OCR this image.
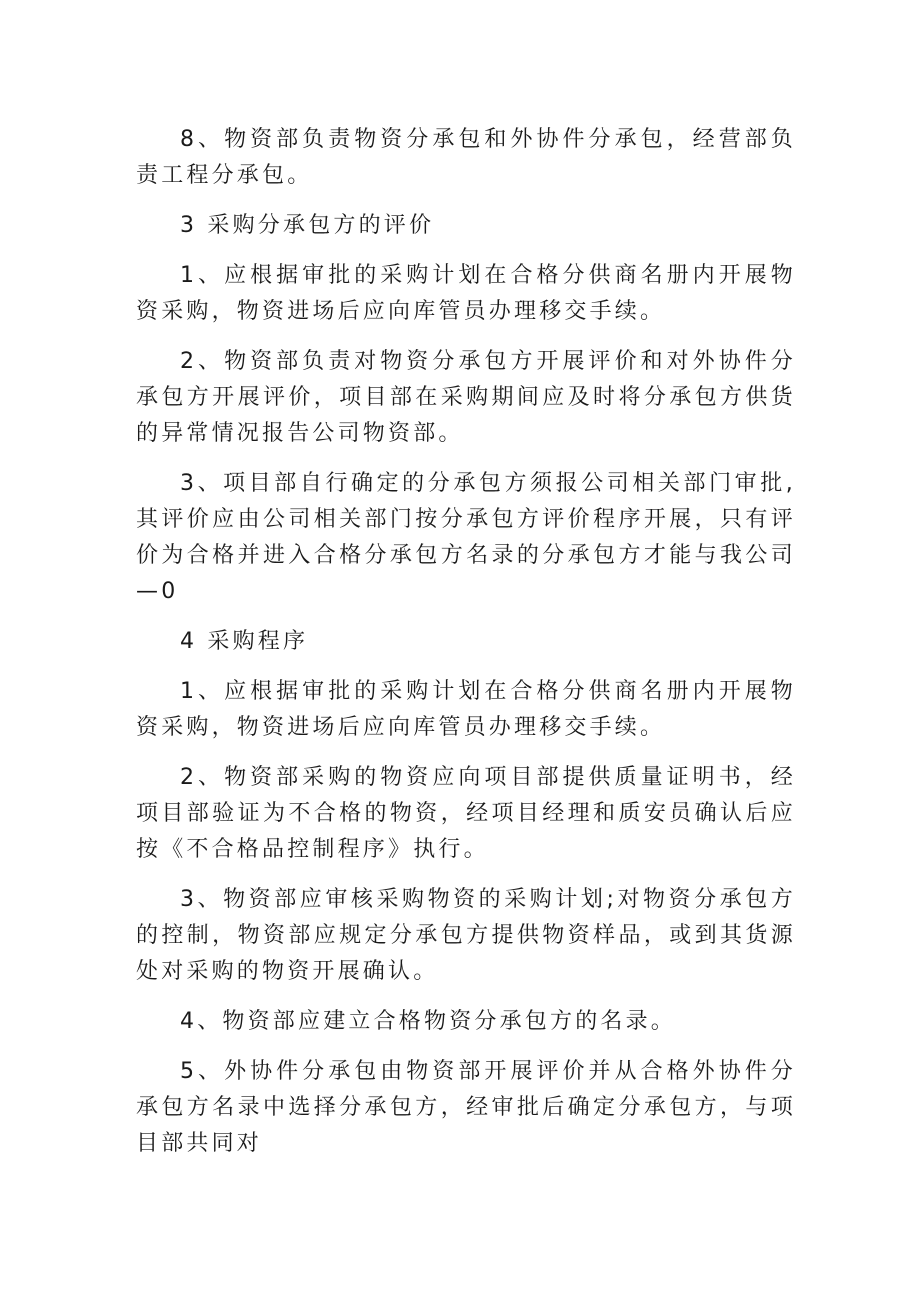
8、物资部负责物资分承包和外协件分承包，经营部负责工程分承包。

3 采购分承包方的评价

1、应根据审批的采购计划在合格分供商名册内开展物资采购，物资进场后应向库管员办理移交手续。

2、物资部负责对物资分承包方开展评价和对外协件分承包方开展评价，项目部在采购期间应及时将分承包方供货的异常情况报告公司物资部。

3、项目部自行确定的分承包方须报公司相关部门审批,其评价应由公司相关部门按分承包方评价程序开展，只有评价为合格并进入合格分承包方名录的分承包方才能与我公司—0

4 采购程序

1、应根据审批的采购计划在合格分供商名册内开展物资采购，物资进场后应向库管员办理移交手续。

2、物资部采购的物资应向项目部提供质量证明书，经项目部验证为不合格的物资，经项目经理和质安员确认后应按《不合格品控制程序》执行。

3、物资部应审核采购物资的采购计划;对物资分承包方的控制，物资部应规定分承包方提供物资样品，或到其货源处对采购的物资开展确认。

4、物资部应建立合格物资分承包方的名录。

5、外协件分承包由物资部开展评价并从合格外协件分承包方名录中选择分承包方，经审批后确定分承包方，与项目部共同对
